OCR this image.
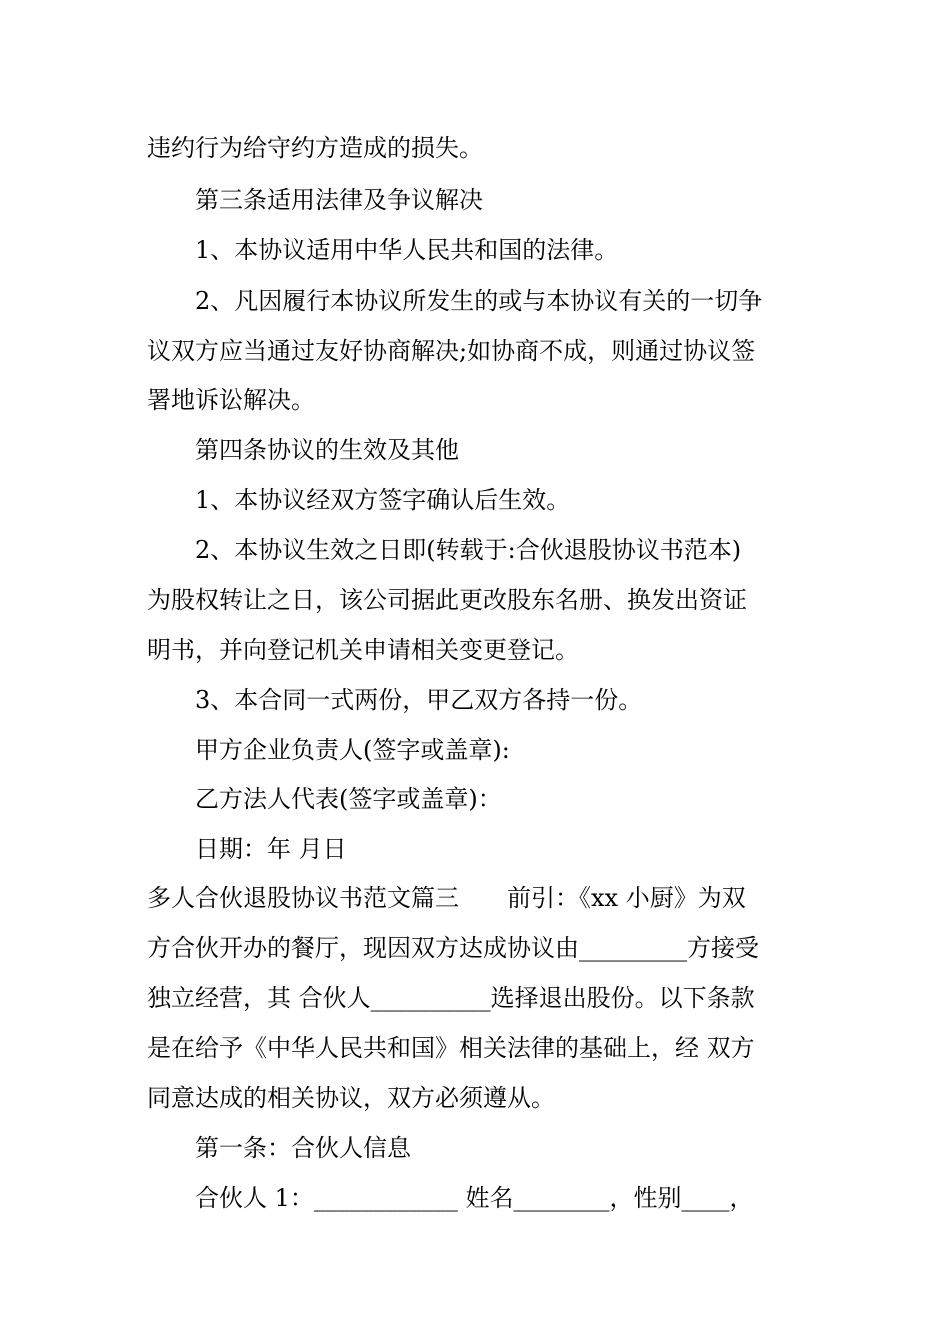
违约行为给守约方造成的损失。
第三条适用法律及争议解决
1、本协议适用中华人民共和国的法律。
2、凡因履行本协议所发生的或与本协议有关的一切争
议双方应当通过友好协商解决;如协商不成，则通过协议签
署地诉讼解决。
第四条协议的生效及其他
1、本协议经双方签字确认后生效。
2、本协议生效之日即(转载于:合伙退股协议书范本)
为股权转让之日，该公司据此更改股东名册、换发出资证
明书，并向登记机关申请相关变更登记。
3、本合同一式两份，甲乙双方各持一份。
甲方企业负责人(签字或盖章):
乙方法人代表(签字或盖章)：
日期：年 月日
多人合伙退股协议书范文篇三　　前引：《xx 小厨》为双
方合伙开办的餐厅，现因双方达成协议由_________方接受
独立经营，其 合伙人__________选择退出股份。以下条款
是在给予《中华人民共和国》相关法律的基础上，经 双方
同意达成的相关协议，双方必须遵从。
第一条：合伙人信息
合伙人 1：____________ 姓名________，性别____，
